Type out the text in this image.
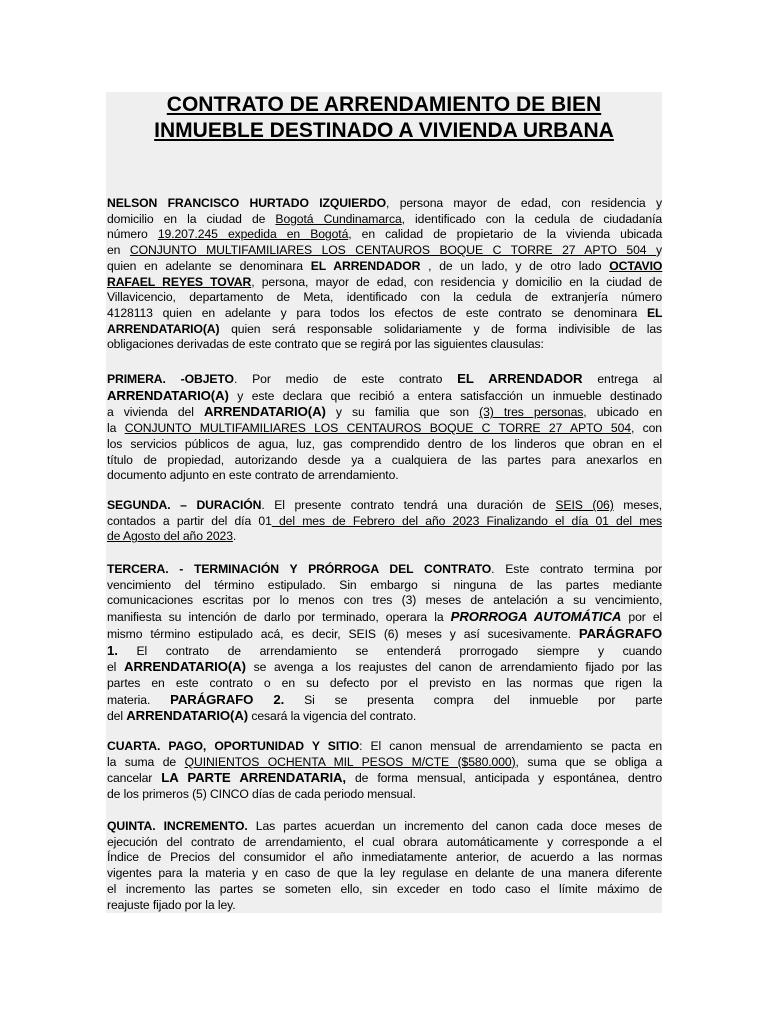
CONTRATO DE ARRENDAMIENTO DE BIEN
INMUEBLE DESTINADO A VIVIENDA URBANA

NELSON FRANCISCO HURTADO IZQUIERDO, persona mayor de edad, con residencia y
domicilio en la ciudad de Bogotá Cundinamarca, identificado con la cedula de ciudadanía
número 19.207.245 expedida en Bogotá, en calidad de propietario de la vivienda ubicada
en CONJUNTO MULTIFAMILIARES LOS CENTAUROS BOQUE C TORRE 27 APTO 504 y
quien en adelante se denominara EL ARRENDADOR , de un lado, y de otro lado OCTAVIO
RAFAEL REYES TOVAR, persona, mayor de edad, con residencia y domicilio en la ciudad de
Villavicencio, departamento de Meta, identificado con la cedula de extranjería número
4128113 quien en adelante y para todos los efectos de este contrato se denominara EL
ARRENDATARIO(A) quien será responsable solidariamente y de forma indivisible de las
obligaciones derivadas de este contrato que se regirá por las siguientes clausulas:

PRIMERA. -OBJETO. Por medio de este contrato EL ARRENDADOR entrega al
ARRENDATARIO(A) y este declara que recibió a entera satisfacción un inmueble destinado
a vivienda del ARRENDATARIO(A) y su familia que son (3) tres personas, ubicado en
la CONJUNTO MULTIFAMILIARES LOS CENTAUROS BOQUE C TORRE 27 APTO 504, con
los servicios públicos de agua, luz, gas comprendido dentro de los linderos que obran en el
título de propiedad, autorizando desde ya a cualquiera de las partes para anexarlos en
documento adjunto en este contrato de arrendamiento.

SEGUNDA. – DURACIÓN. El presente contrato tendrá una duración de SEIS (06) meses,
contados a partir del día 01 del mes de Febrero del año 2023 Finalizando el día 01 del mes
de Agosto del año 2023.

TERCERA. - TERMINACIÓN Y PRÓRROGA DEL CONTRATO. Este contrato termina por
vencimiento del término estipulado. Sin embargo si ninguna de las partes mediante
comunicaciones escritas por lo menos con tres (3) meses de antelación a su vencimiento,
manifiesta su intención de darlo por terminado, operara la PRORROGA AUTOMÁTICA por el
mismo término estipulado acá, es decir, SEIS (6) meses y así sucesivamente. PARÁGRAFO
1. El contrato de arrendamiento se entenderá prorrogado siempre y cuando
el ARRENDATARIO(A) se avenga a los reajustes del canon de arrendamiento fijado por las
partes en este contrato o en su defecto por el previsto en las normas que rigen la
materia. PARÁGRAFO 2. Si se presenta compra del inmueble por parte
del ARRENDATARIO(A) cesará la vigencia del contrato.

CUARTA. PAGO, OPORTUNIDAD Y SITIO: El canon mensual de arrendamiento se pacta en
la suma de QUINIENTOS OCHENTA MIL PESOS M/CTE ($580.000), suma que se obliga a
cancelar LA PARTE ARRENDATARIA, de forma mensual, anticipada y espontánea, dentro
de los primeros (5) CINCO días de cada periodo mensual.

QUINTA. INCREMENTO. Las partes acuerdan un incremento del canon cada doce meses de
ejecución del contrato de arrendamiento, el cual obrara automáticamente y corresponde a el
Índice de Precios del consumidor el año inmediatamente anterior, de acuerdo a las normas
vigentes para la materia y en caso de que la ley regulase en delante de una manera diferente
el incremento las partes se someten ello, sin exceder en todo caso el límite máximo de
reajuste fijado por la ley.
